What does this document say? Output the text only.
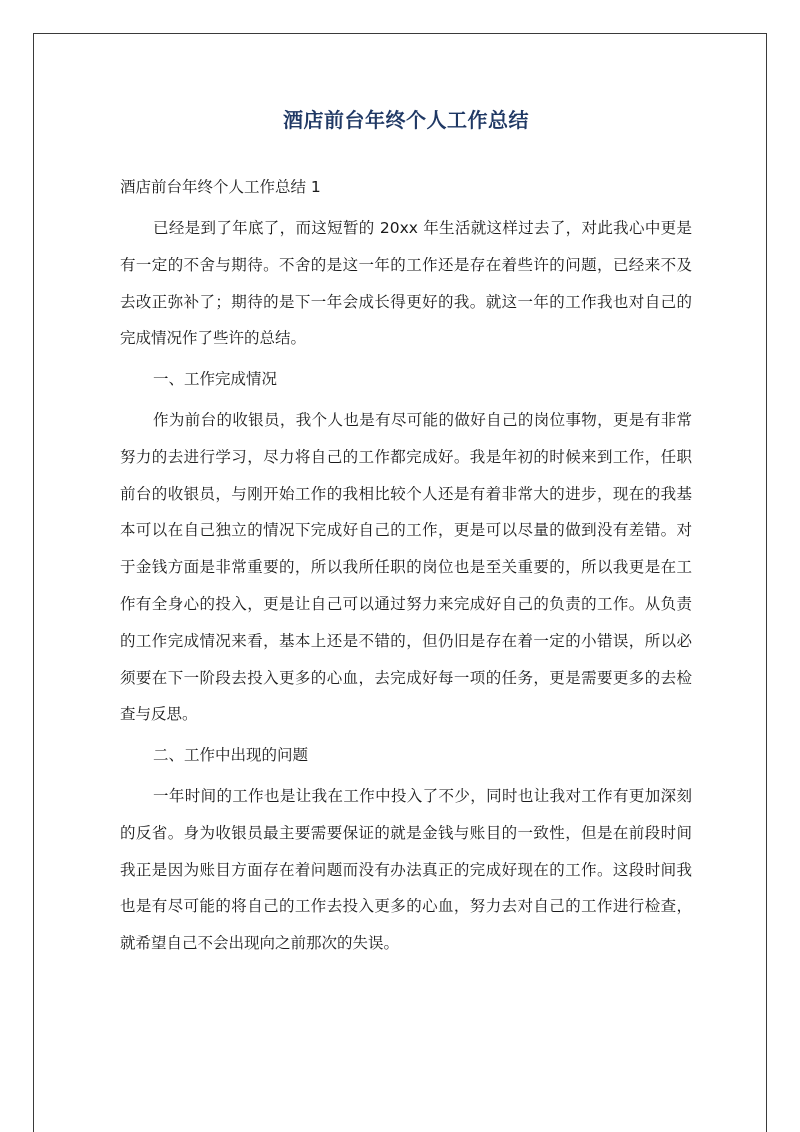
酒店前台年终个人工作总结

酒店前台年终个人工作总结 1

已经是到了年底了，而这短暂的 20xx 年生活就这样过去了，对此我心中更是有一定的不舍与期待。不舍的是这一年的工作还是存在着些许的问题，已经来不及去改正弥补了；期待的是下一年会成长得更好的我。就这一年的工作我也对自己的完成情况作了些许的总结。

一、工作完成情况

作为前台的收银员，我个人也是有尽可能的做好自己的岗位事物，更是有非常努力的去进行学习，尽力将自己的工作都完成好。我是年初的时候来到工作，任职前台的收银员，与刚开始工作的我相比较个人还是有着非常大的进步，现在的我基本可以在自己独立的情况下完成好自己的工作，更是可以尽量的做到没有差错。对于金钱方面是非常重要的，所以我所任职的岗位也是至关重要的，所以我更是在工作有全身心的投入，更是让自己可以通过努力来完成好自己的负责的工作。从负责的工作完成情况来看，基本上还是不错的，但仍旧是存在着一定的小错误，所以必须要在下一阶段去投入更多的心血，去完成好每一项的任务，更是需要更多的去检查与反思。

二、工作中出现的问题

一年时间的工作也是让我在工作中投入了不少，同时也让我对工作有更加深刻的反省。身为收银员最主要需要保证的就是金钱与账目的一致性，但是在前段时间我正是因为账目方面存在着问题而没有办法真正的完成好现在的工作。这段时间我也是有尽可能的将自己的工作去投入更多的心血，努力去对自己的工作进行检查，就希望自己不会出现向之前那次的失误。
